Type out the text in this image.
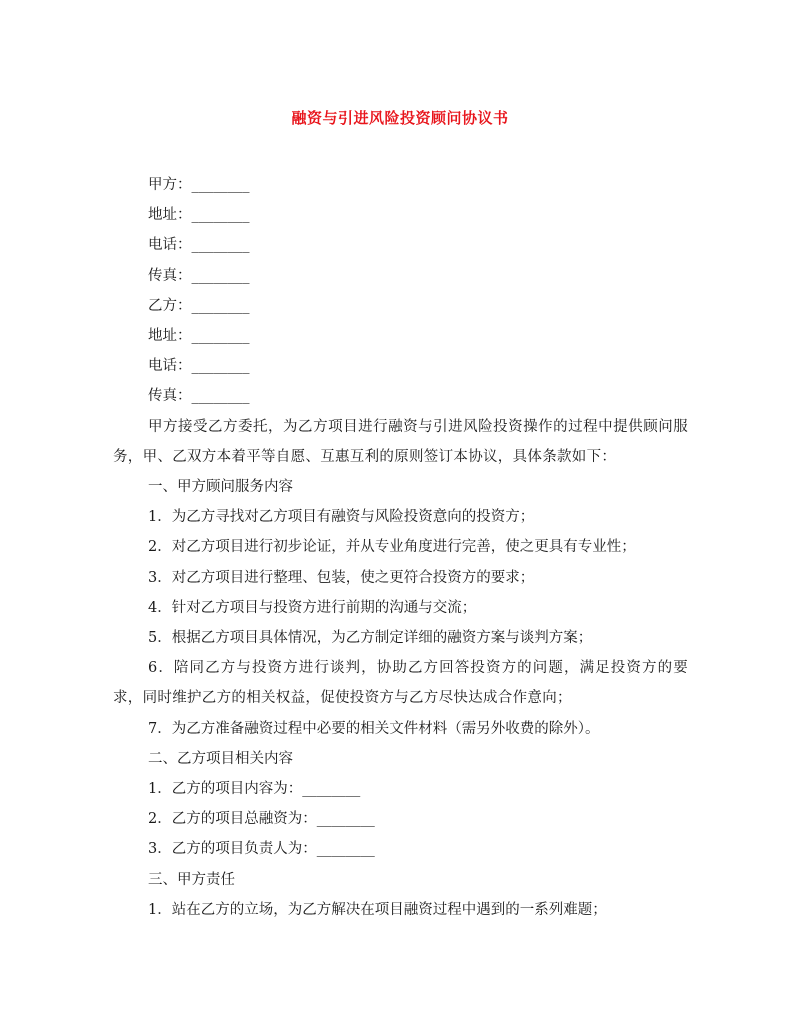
融资与引进风险投资顾问协议书
甲方：________
地址：________
电话：________
传真：________
乙方：________
地址：________
电话：________
传真：________

甲方接受乙方委托，为乙方项目进行融资与引进风险投资操作的过程中提供顾问服务，甲、乙双方本着平等自愿、互惠互利的原则签订本协议，具体条款如下：

一、甲方顾问服务内容
1．为乙方寻找对乙方项目有融资与风险投资意向的投资方；
2．对乙方项目进行初步论证，并从专业角度进行完善，使之更具有专业性；
3．对乙方项目进行整理、包装，使之更符合投资方的要求；
4．针对乙方项目与投资方进行前期的沟通与交流；
5．根据乙方项目具体情况，为乙方制定详细的融资方案与谈判方案；

6．陪同乙方与投资方进行谈判，协助乙方回答投资方的问题，满足投资方的要求，同时维护乙方的相关权益，促使投资方与乙方尽快达成合作意向；

7．为乙方准备融资过程中必要的相关文件材料（需另外收费的除外）。
二、乙方项目相关内容
1．乙方的项目内容为：________
2．乙方的项目总融资为：________
3．乙方的项目负责人为：________
三、甲方责任
1．站在乙方的立场，为乙方解决在项目融资过程中遇到的一系列难题；
